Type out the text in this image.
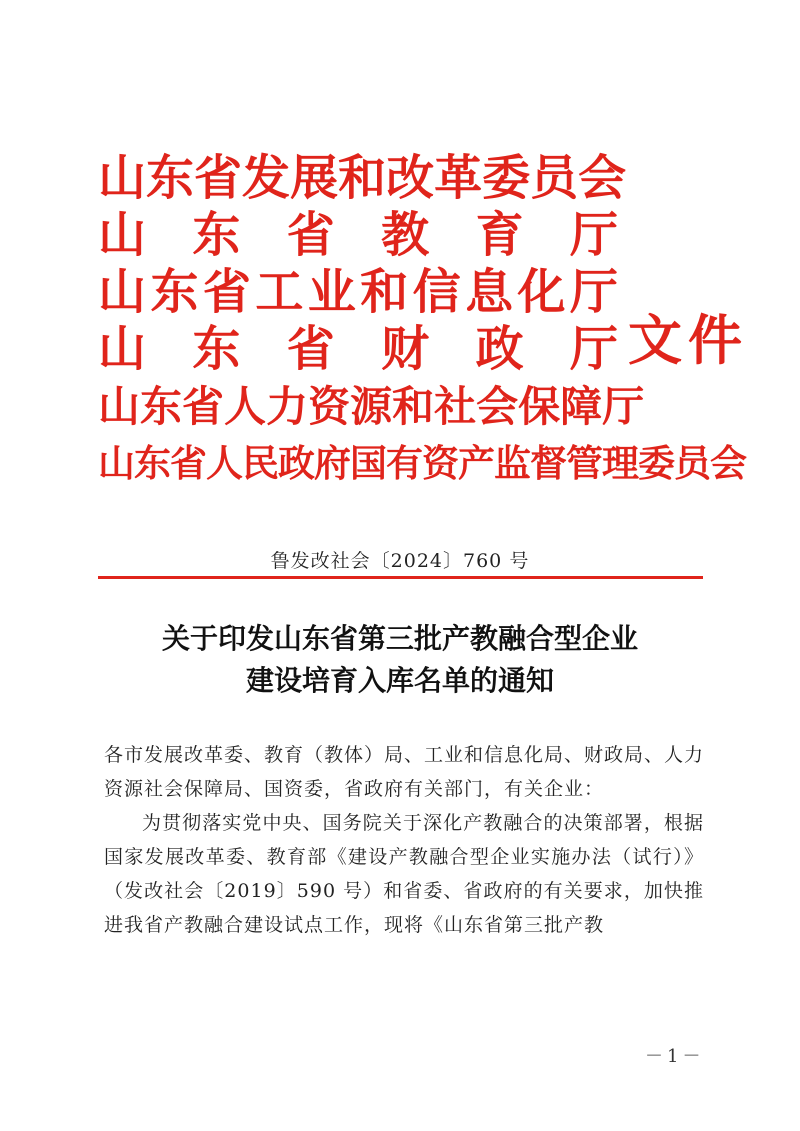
山 东 省 发 展 和 改 革 委 员 会
山 东 省 教 育 厅
山 东 省 工 业 和 信 息 化 厅
山 东 省 财 政 厅
山 东 省 人 力 资 源 和 社 会 保 障 厅
山 东 省 人 民 政 府 国 有 资 产 监 督 管 理 委 员 会
文件
鲁发改社会〔2024〕760 号
关于印发山东省第三批产教融合型企业
建设培育入库名单的通知

各市发展改革委、教育（教体）局、工业和信息化局、财政局、人力资源社会保障局、国资委，省政府有关部门，有关企业：

为贯彻落实党中央、国务院关于深化产教融合的决策部署，根据国家发展改革委、教育部《建设产教融合型企业实施办法（试行）》（发改社会〔2019〕590 号）和省委、省政府的有关要求，加快推进我省产教融合建设试点工作，现将《山东省第三批产教

－1－
